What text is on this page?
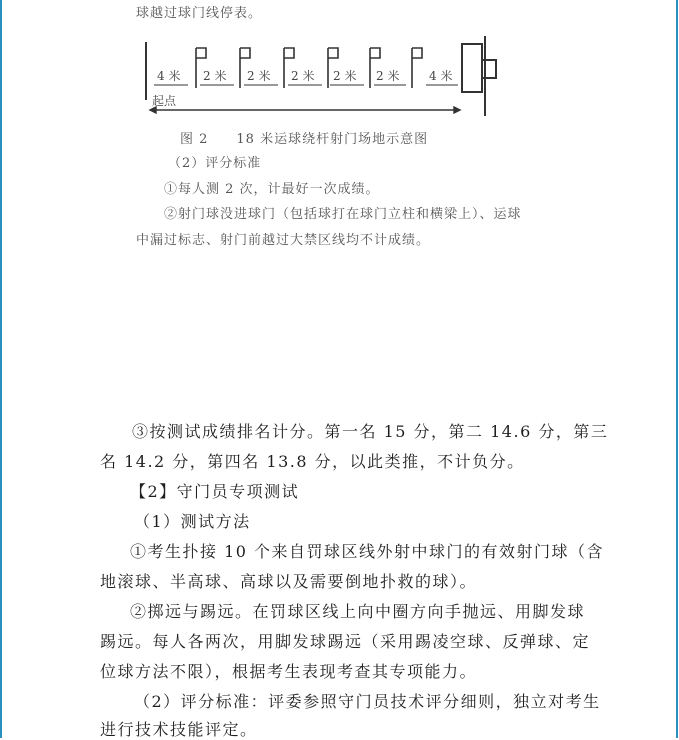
球越过球门线停表。
4 米 2 米 2 米 2 米 2 米 2 米 4 米
起点
图 2　　18 米运球绕杆射门场地示意图
（2）评分标准
①每人测 2 次，计最好一次成绩。
②射门球没进球门（包括球打在球门立柱和横梁上）、运球
中漏过标志、射门前越过大禁区线均不计成绩。
③按测试成绩排名计分。第一名 15 分，第二 14.6 分，第三
名 14.2 分，第四名 13.8 分，以此类推，不计负分。
【2】守门员专项测试
（1）测试方法
①考生扑接 10 个来自罚球区线外射中球门的有效射门球（含
地滚球、半高球、高球以及需要倒地扑救的球）。
②掷远与踢远。在罚球区线上向中圈方向手抛远、用脚发球
踢远。每人各两次，用脚发球踢远（采用踢凌空球、反弹球、定
位球方法不限），根据考生表现考查其专项能力。
（2）评分标准：评委参照守门员技术评分细则，独立对考生
进行技术技能评定。
